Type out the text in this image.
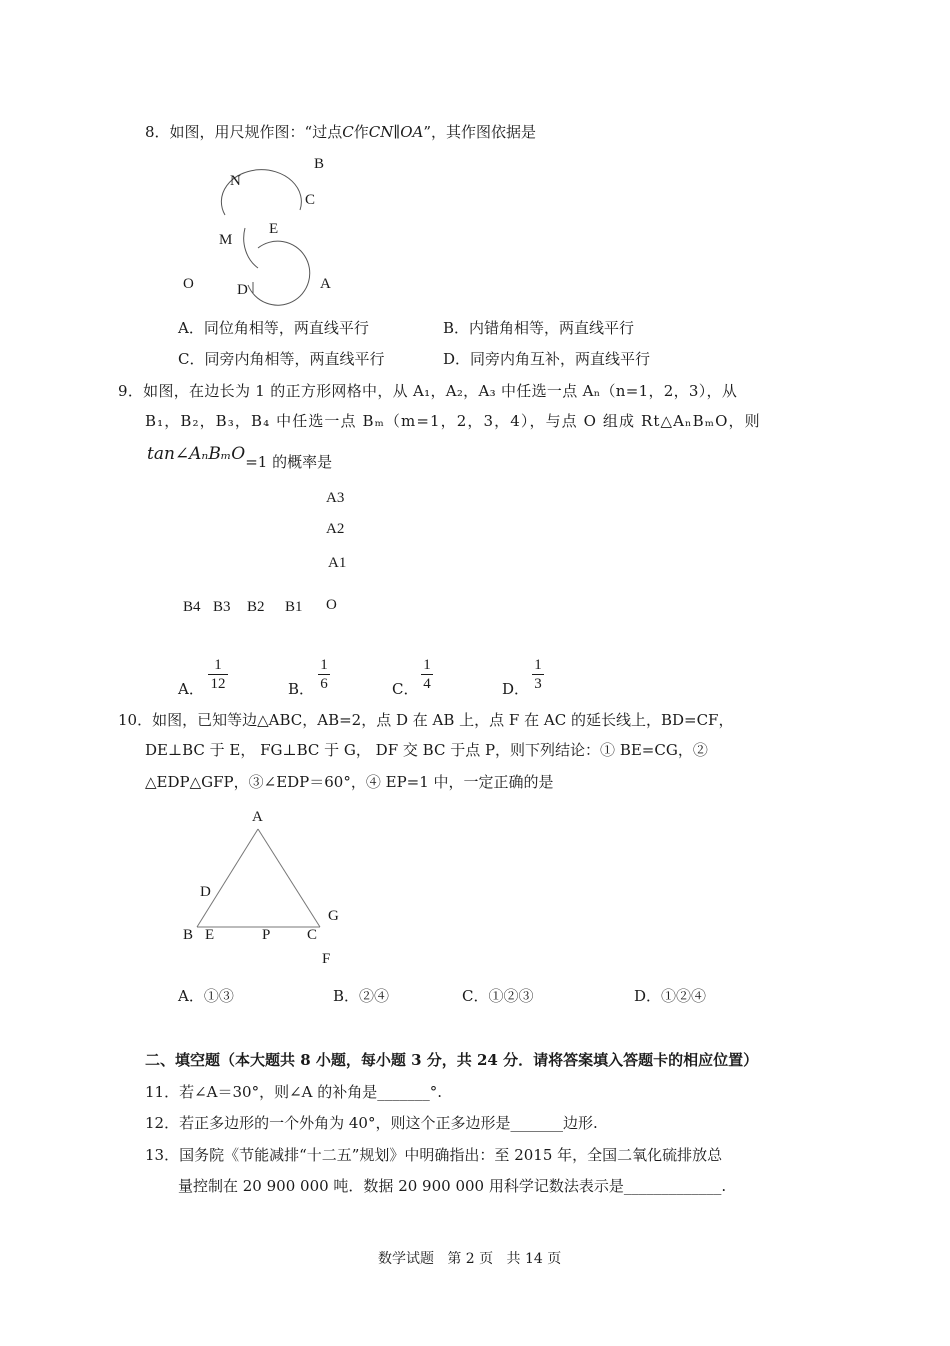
8．如图，用尺规作图：“过点C作CN∥OA”，其作图依据是
B
N
C
E
M
O	D	A
A．同位角相等，两直线平行	B．内错角相等，两直线平行
C．同旁内角相等，两直线平行	D．同旁内角互补，两直线平行
9．如图，在边长为 1 的正方形网格中，从 A₁，A₂，A₃ 中任选一点 Aₙ（n=1，2，3），从
B₁，B₂，B₃，B₄ 中任选一点 Bₘ（m=1，2，3，4），与点 O 组成 Rt△AₙBₘO，则
tan∠AₙBₘO=1 的概率是
A3
A2
A1
O
B4 B3 B2 B1
A．
1
12	B．
1
6	C．
1
4	D．
1
3
10．如图，已知等边△ABC，AB=2，点 D 在 AB 上，点 F 在 AC 的延长线上，BD=CF，
DE⊥BC 于 E， FG⊥BC 于 G， DF 交 BC 于点 P，则下列结论：① BE=CG，②
△EDP△GFP，③∠EDP＝60°，④ EP=1 中，一定正确的是
A
D
G
B E	P C
F
A．①③	B．②④	C．①②③	D．①②④
二、填空题（本大题共 8 小题，每小题 3 分，共 24 分．请将答案填入答题卡的相应位置）
11．若∠A＝30°，则∠A 的补角是_______°.
12．若正多边形的一个外角为 40°，则这个正多边形是_______边形.
13．国务院《节能减排“十二五”规划》中明确指出：至 2015 年，全国二氧化硫排放总
量控制在 20 900 000 吨．数据 20 900 000 用科学记数法表示是_____________.
数学试题   第 2 页   共 14 页
